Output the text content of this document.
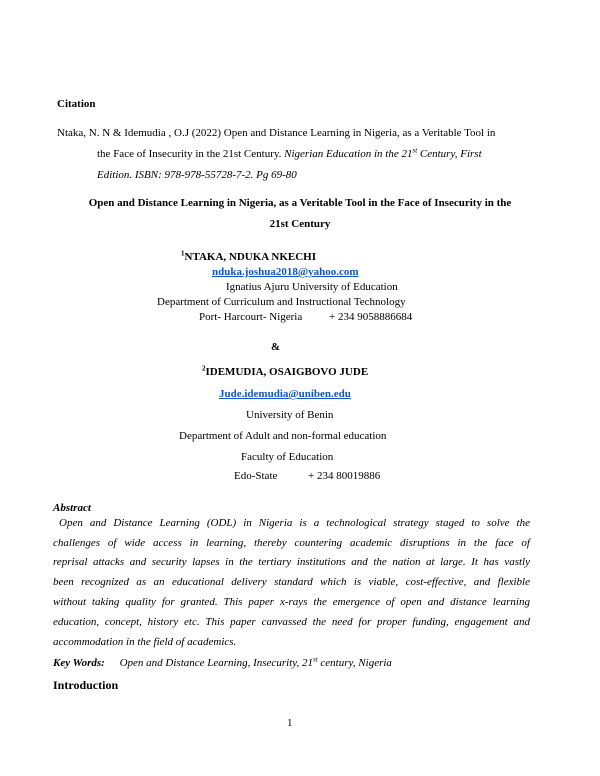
Citation
Ntaka, N. N & Idemudia , O.J (2022) Open and Distance Learning in Nigeria, as a Veritable Tool in
the Face of Insecurity in the 21st Century. Nigerian Education in the 21st Century, First
Edition. ISBN: 978-978-55728-7-2. Pg 69-80
Open and Distance Learning in Nigeria, as a Veritable Tool in the Face of Insecurity in the
21st Century
$^1$NTAKA, NDUKA NKECHI
nduka.joshua2018@yahoo.com
Ignatius Ajuru University of Education
Department of Curriculum and Instructional Technology
Port- Harcourt- Nigeria + 234 9058886684
&
$^2$IDEMUDIA, OSAIGBOVO JUDE
Jude.idemudia@uniben.edu
University of Benin
Department of Adult and non-formal education
Faculty of Education
Edo-State	+ 234 80019886
Abstract
Open and Distance Learning (ODL) in Nigeria is a technological strategy staged to solve the
challenges of wide access in learning, thereby countering academic disruptions in the face of
reprisal attacks and security lapses in the tertiary institutions and the nation at large. It has vastly
been recognized as an educational delivery standard which is viable, cost-effective, and flexible
without taking quality for granted. This paper x-rays the emergence of open and distance learning
education, concept, history etc. This paper canvassed the need for proper funding, engagement and
accommodation in the field of academics.
Key Words: Open and Distance Learning, Insecurity, 21st century, Nigeria
Introduction
1
